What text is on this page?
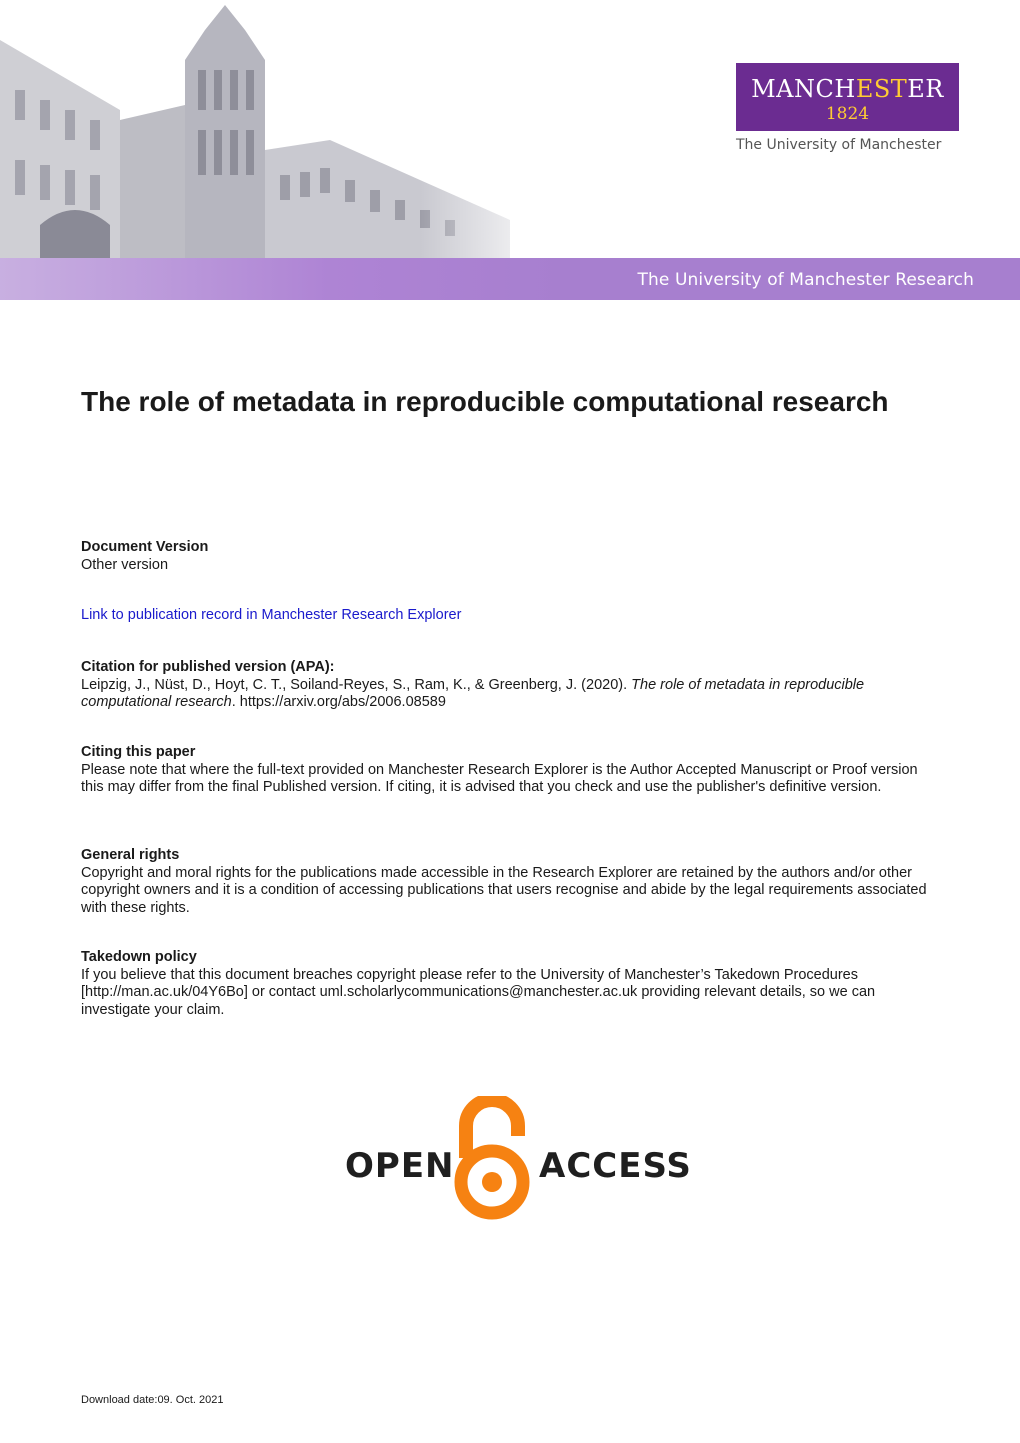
The University of Manchester Research
MANCHESTER
1824
The University of Manchester
The role of metadata in reproducible computational research
Document Version
Other version
Link to publication record in Manchester Research Explorer
Citation for published version (APA):
Leipzig, J., Nüst, D., Hoyt, C. T., Soiland-Reyes, S., Ram, K., & Greenberg, J. (2020). The role of metadata in reproducible computational research. https://arxiv.org/abs/2006.08589
Citing this paper
Please note that where the full-text provided on Manchester Research Explorer is the Author Accepted Manuscript or Proof version this may differ from the final Published version. If citing, it is advised that you check and use the publisher's definitive version.
General rights
Copyright and moral rights for the publications made accessible in the Research Explorer are retained by the authors and/or other copyright owners and it is a condition of accessing publications that users recognise and abide by the legal requirements associated with these rights.
Takedown policy
If you believe that this document breaches copyright please refer to the University of Manchester’s Takedown Procedures [http://man.ac.uk/04Y6Bo] or contact uml.scholarlycommunications@manchester.ac.uk providing relevant details, so we can investigate your claim.
OPEN ACCESS
Download date:09. Oct. 2021
